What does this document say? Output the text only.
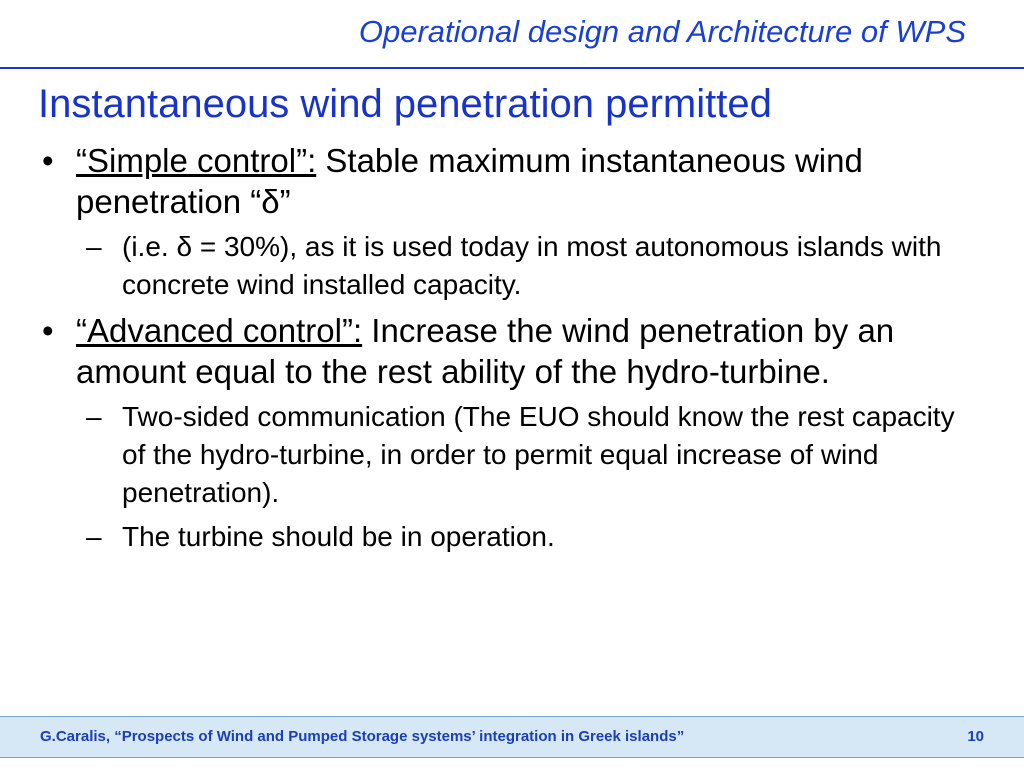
Operational design and Architecture of WPS
Instantaneous wind penetration permitted
• “Simple control”: Stable maximum instantaneous wind penetration “δ”
– (i.e. δ = 30%), as it is used today in most autonomous islands with concrete wind installed capacity.
• “Advanced control”: Increase the wind penetration by an amount equal to the rest ability of the hydro-turbine.
– Two-sided communication (The EUO should know the rest capacity of the hydro-turbine, in order to permit equal increase of wind penetration).
– The turbine should be in operation.
G.Caralis, “Prospects of Wind and Pumped Storage systems’ integration in Greek islands”	10
